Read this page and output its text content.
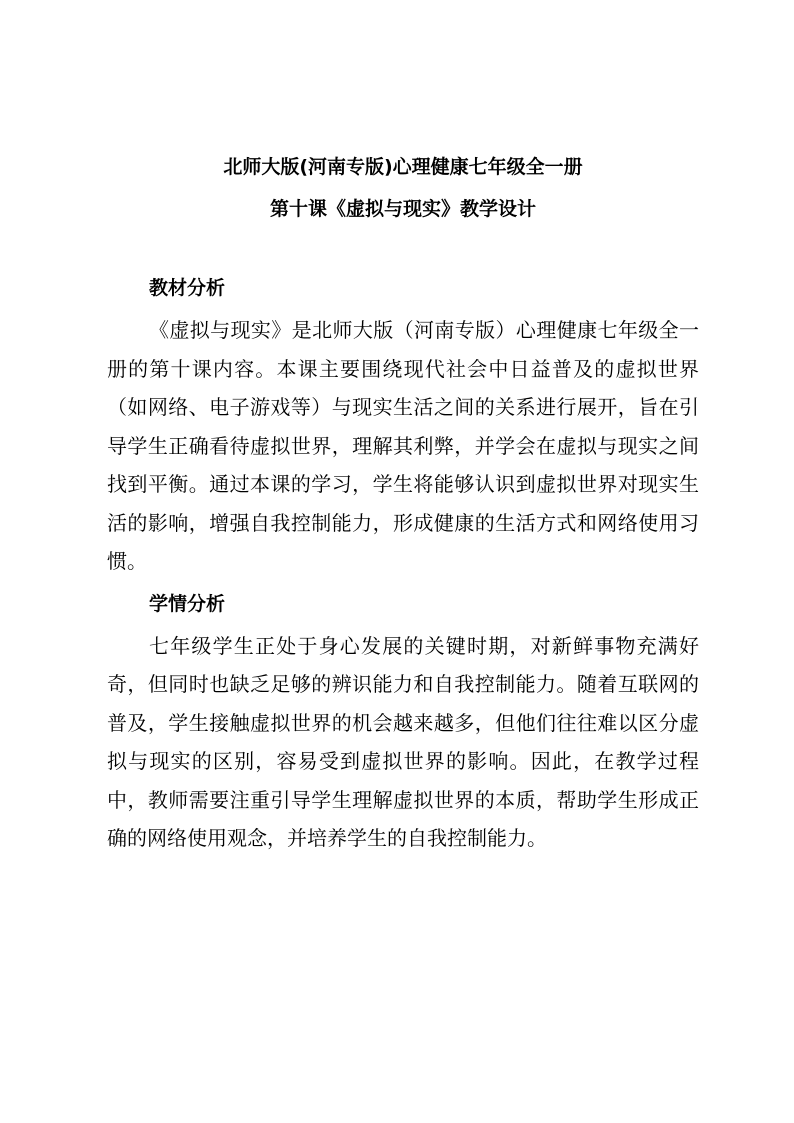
北师大版(河南专版)心理健康七年级全一册
第十课《虚拟与现实》教学设计
教材分析

《虚拟与现实》是北师大版（河南专版）心理健康七年级全一册的第十课内容。本课主要围绕现代社会中日益普及的虚拟世界（如网络、电子游戏等）与现实生活之间的关系进行展开，旨在引导学生正确看待虚拟世界，理解其利弊，并学会在虚拟与现实之间找到平衡。通过本课的学习，学生将能够认识到虚拟世界对现实生活的影响，增强自我控制能力，形成健康的生活方式和网络使用习惯。

学情分析

七年级学生正处于身心发展的关键时期，对新鲜事物充满好奇，但同时也缺乏足够的辨识能力和自我控制能力。随着互联网的普及，学生接触虚拟世界的机会越来越多，但他们往往难以区分虚拟与现实的区别，容易受到虚拟世界的影响。因此，在教学过程中，教师需要注重引导学生理解虚拟世界的本质，帮助学生形成正确的网络使用观念，并培养学生的自我控制能力。
